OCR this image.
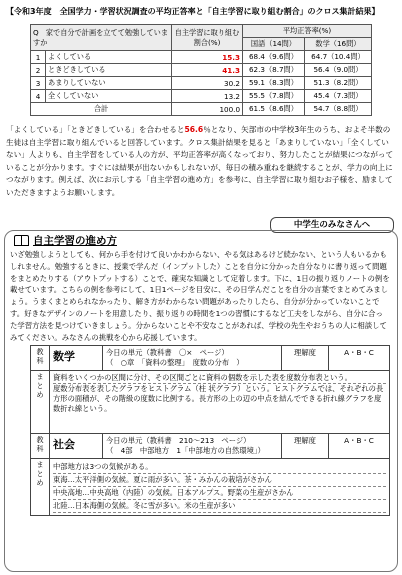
【令和3年度　全国学力・学習状況調査の平均正答率と「自主学習に取り組む割合」のクロス集計結果】
Q　家で自分で計画を立てて勉強していますか		自主学習に取り組む割合(%)	平均正答率(%)	
			国語（14問）	数学（16問）
1	よくしている	15.3	68.4（9.6問）	64.7（10.4問）
2	ときどきしている	41.3	62.3（8.7問）	56.4（9.0問）
3	あまりしていない	30.2	59.1（8.3問）	51.3（8.2問）
4	全くしていない	13.2	55.5（7.8問）	45.4（7.3問）
合計		100.0	61.5（8.6問）	54.7（8.8問）
「よくしている」「ときどきしている」を合わせると56.6％となり、矢部市の中学校3年生のうち、およそ半数の生徒は自主学習に取り組んでいると回答しています。クロス集計結果を見ると「あまりしていない」「全くしていない」人よりも、自主学習をしている人の方が、平均正答率が高くなっており、努力したことが結果につながっていることが分かります。すぐには結果が出ないかもしれないが、毎日の積み重ねを継続することが、学力の向上につながります。例えば、次にお示しする「自主学習の進め方」を参考に、自主学習に取り組むお子様を、励ましていただきますようお願いします。
中学生のみなさんへ
自主学習の進め方
いざ勉強しようとしても、何から手を付けて良いかわからない、やる気はあるけど続かない、という人もいるかもしれません。勉強するときに、授業で学んだ（インプットした）ことを自分に分かった自分なりに書り返って問題をまとめたりする（アウトプットする）ことで、確実な知識として定着します。下に、1日の振り返りノートの例を載せています。こちらの例を参考にして、1日1ページを目安に、その日学んだことを自分の言葉でまとめてみましょう。うまくまとめられなかったり、解き方がわからない問題があったりしたら、自分が分かっていないことです。好きなデザインのノートを用意したり、振り返りの時間を1つの習慣にするなど工夫をしながら、自分に合った学習方法を見つけていきましょう。分からないことや不安なことがあれば、学校の先生やおうちの人に相談してみてください。みなさんの挑戦を心から応援しています。
教科	数学	今日の単元（教科書　〇×　ページ）
（　○章　「資料の整理」　度数の分布　）	理解度	A・B・C
まとめ	資料をいくつかの区間に分け、その区間ごとに資料の個数を示した表を度数分布表という。
度数分布表を表したグラフをヒストグラム（柱 状グラフ）という。ヒストグラムでは、それぞれの長方形の面積が、その階級の度数に比例する。長方形の上の辺の中点を結んでできる折れ線グラフを度数折れ線という。			

教科	社会	今日の単元（教科書　210～213　ページ）
（　4部　中部地方　1「中部地方の自然環境」）	理解度	A・B・C
まとめ	中部地方は3つの気候がある。
東海…太平洋側の気候。夏に雨が多い。茶・みかんの栽培がさかん
中央高地…中央高地（内陸）の気候。日本アルプス。野菜の生産がさかん
北陸…日本海側の気候。冬に雪が多い。米の生産が多い			
